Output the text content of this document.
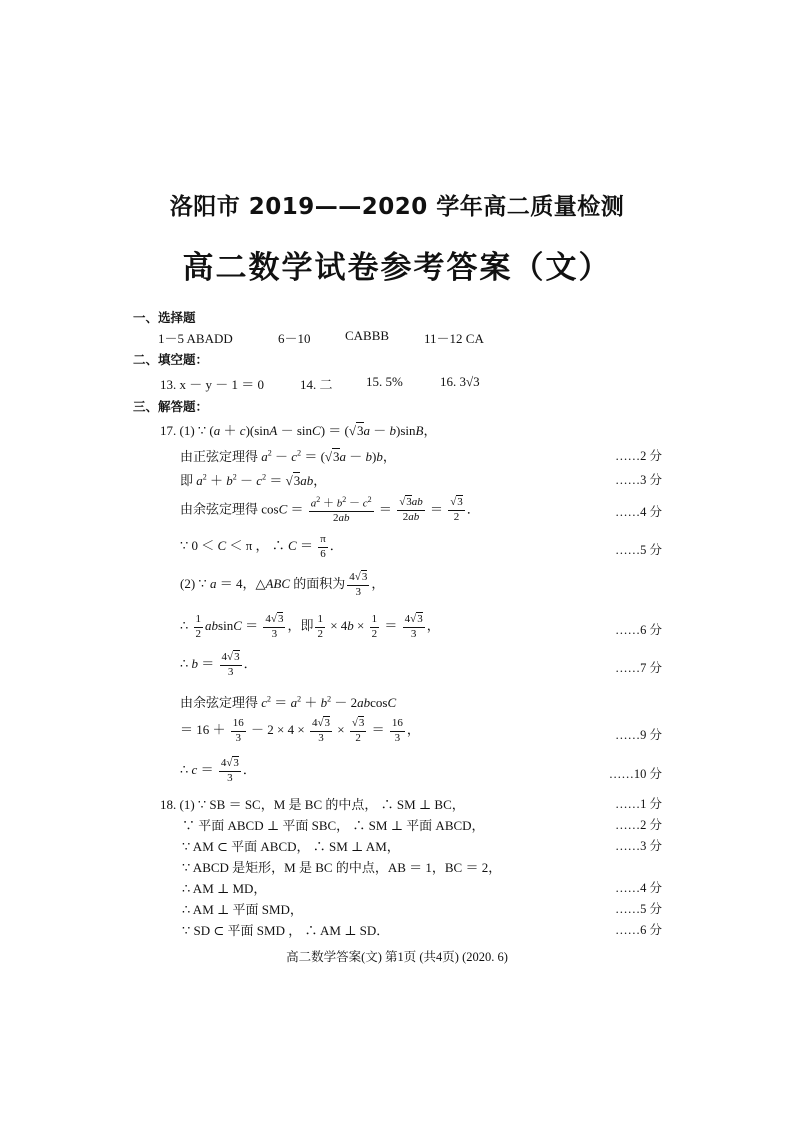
洛阳市 2019——2020 学年高二质量检测
高二数学试卷参考答案（文）
一、选择题
1－5 ABADD	6－10	CABBB	11－12 CA
二、填空题：
13. x － y － 1 ＝ 0	14. 二	15. 5%	16. 3√3
三、解答题：
17. (1) ∵ (a ＋ c)(sinA － sinC) ＝ (√3a － b)sinB，
由正弦定理得 $a^2 - c^2 = (√3a - b)b$，	……2 分
即 $a^2 + b^2 - c^2 = √3ab$，	……3 分
由余弦定理得 $\cos C = \frac{a^2 + b^2 - c^2}{2ab} = \frac{√3ab}{2ab} = \frac{√3}{2}$ ．	……4 分
∵ 0 ＜ C ＜ π ， ∴ $C = \frac{\pi}{6}$ ．	……5 分
(2) ∵ a ＝ 4，△ABC 的面积为 $\frac{4√3}{3}$ ，
∴ $\frac{1}{2}$ $absinC = \frac{4√3}{3}$ ，即 $\frac{1}{2} \times 4b \times \frac{1}{2} = \frac{4√3}{3}$ ，	……6 分
∴ $b = \frac{4√3}{3}$ ．	……7 分
由余弦定理得 $c^2 = a^2 + b^2 - 2abcosC$
＝ $16 + \frac{16}{3} - 2 \times 4 \times \frac{4√3}{3} \times \frac{√3}{2} = \frac{16}{3}$ ，	……9 分
∴ $c = \frac{4√3}{3}$ ．	……10 分
18. (1) ∵ SB ＝ SC，M 是 BC 的中点， ∴ SM ⊥ BC，	……1 分
∵ 平面 ABCD ⊥ 平面 SBC， ∴ SM ⊥ 平面 ABCD，	……2 分
∵ AM ⊂ 平面 ABCD， ∴ SM ⊥ AM，	……3 分
∵ ABCD 是矩形，M 是 BC 的中点，AB ＝ 1，BC ＝ 2，
∴ AM ⊥ MD，	……4 分
∴ AM ⊥ 平面 SMD，	……5 分
∵ SD ⊂ 平面 SMD ， ∴ AM ⊥ SD．	……6 分
高二数学答案(文) 第1页 (共4页) (2020. 6)
